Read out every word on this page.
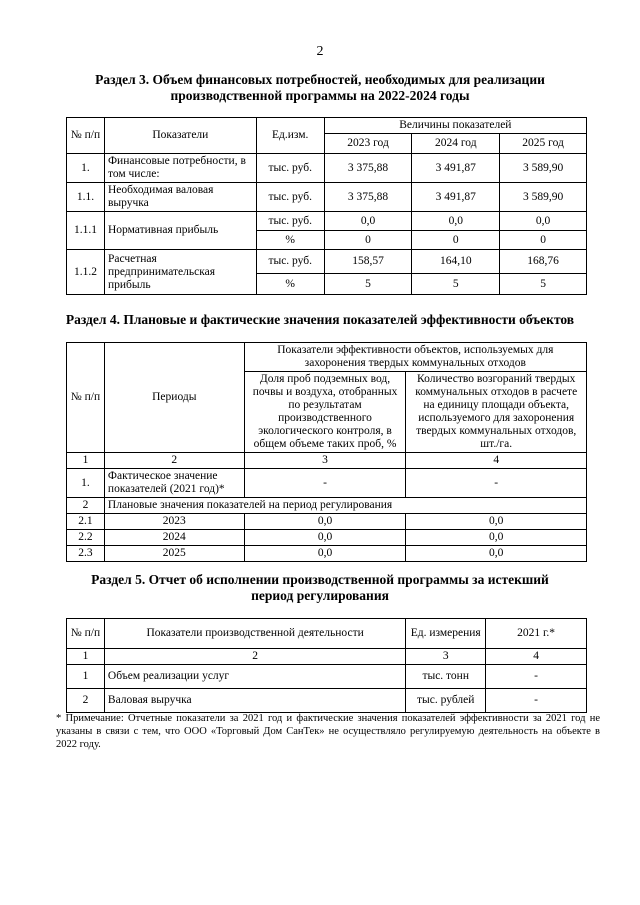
2
Раздел 3. Объем финансовых потребностей, необходимых для реализации
производственной программы на 2022-2024 годы
№ п/п	Показатели	Ед.изм.	Величины показателей		
			2023 год	2024 год	2025 год
1.	Финансовые потребности, в том числе:	тыс. руб.	3 375,88	3 491,87	3 589,90
1.1.	Необходимая валовая выручка	тыс. руб.	3 375,88	3 491,87	3 589,90
1.1.1	Нормативная прибыль	тыс. руб.	0,0	0,0	0,0
		%	0	0	0
1.1.2	Расчетная предпринимательская прибыль	тыс. руб.	158,57	164,10	168,76
		%	5	5	5
Раздел 4. Плановые и фактические значения показателей эффективности объектов
№ п/п	Периоды	Показатели эффективности объектов, используемых для захоронения твердых коммунальных отходов	
		Доля проб подземных вод, почвы и воздуха, отобранных по результатам производственного экологического контроля, в общем объеме таких проб, %	Количество возгораний твердых коммунальных отходов в расчете на единицу площади объекта, используемого для захоронения твердых коммунальных отходов, шт./га.
1	2	3	4
1.	Фактическое значение показателей (2021 год)*	-	-
2	Плановые значения показателей на период регулирования		
2.1	2023	0,0	0,0
2.2	2024	0,0	0,0
2.3	2025	0,0	0,0
Раздел 5. Отчет об исполнении производственной программы за истекший
период регулирования
№ п/п	Показатели производственной деятельности	Ед. измерения	2021 г.*
1	2	3	4
1	Объем реализации услуг	тыс. тонн	-
2	Валовая выручка	тыс. рублей	-
* Примечание: Отчетные показатели за 2021 год и фактические значения показателей эффективности за 2021 год не указаны в связи с тем, что ООО «Торговый Дом СанТек» не осуществляло регулируемую деятельность на объекте в 2022 году.
